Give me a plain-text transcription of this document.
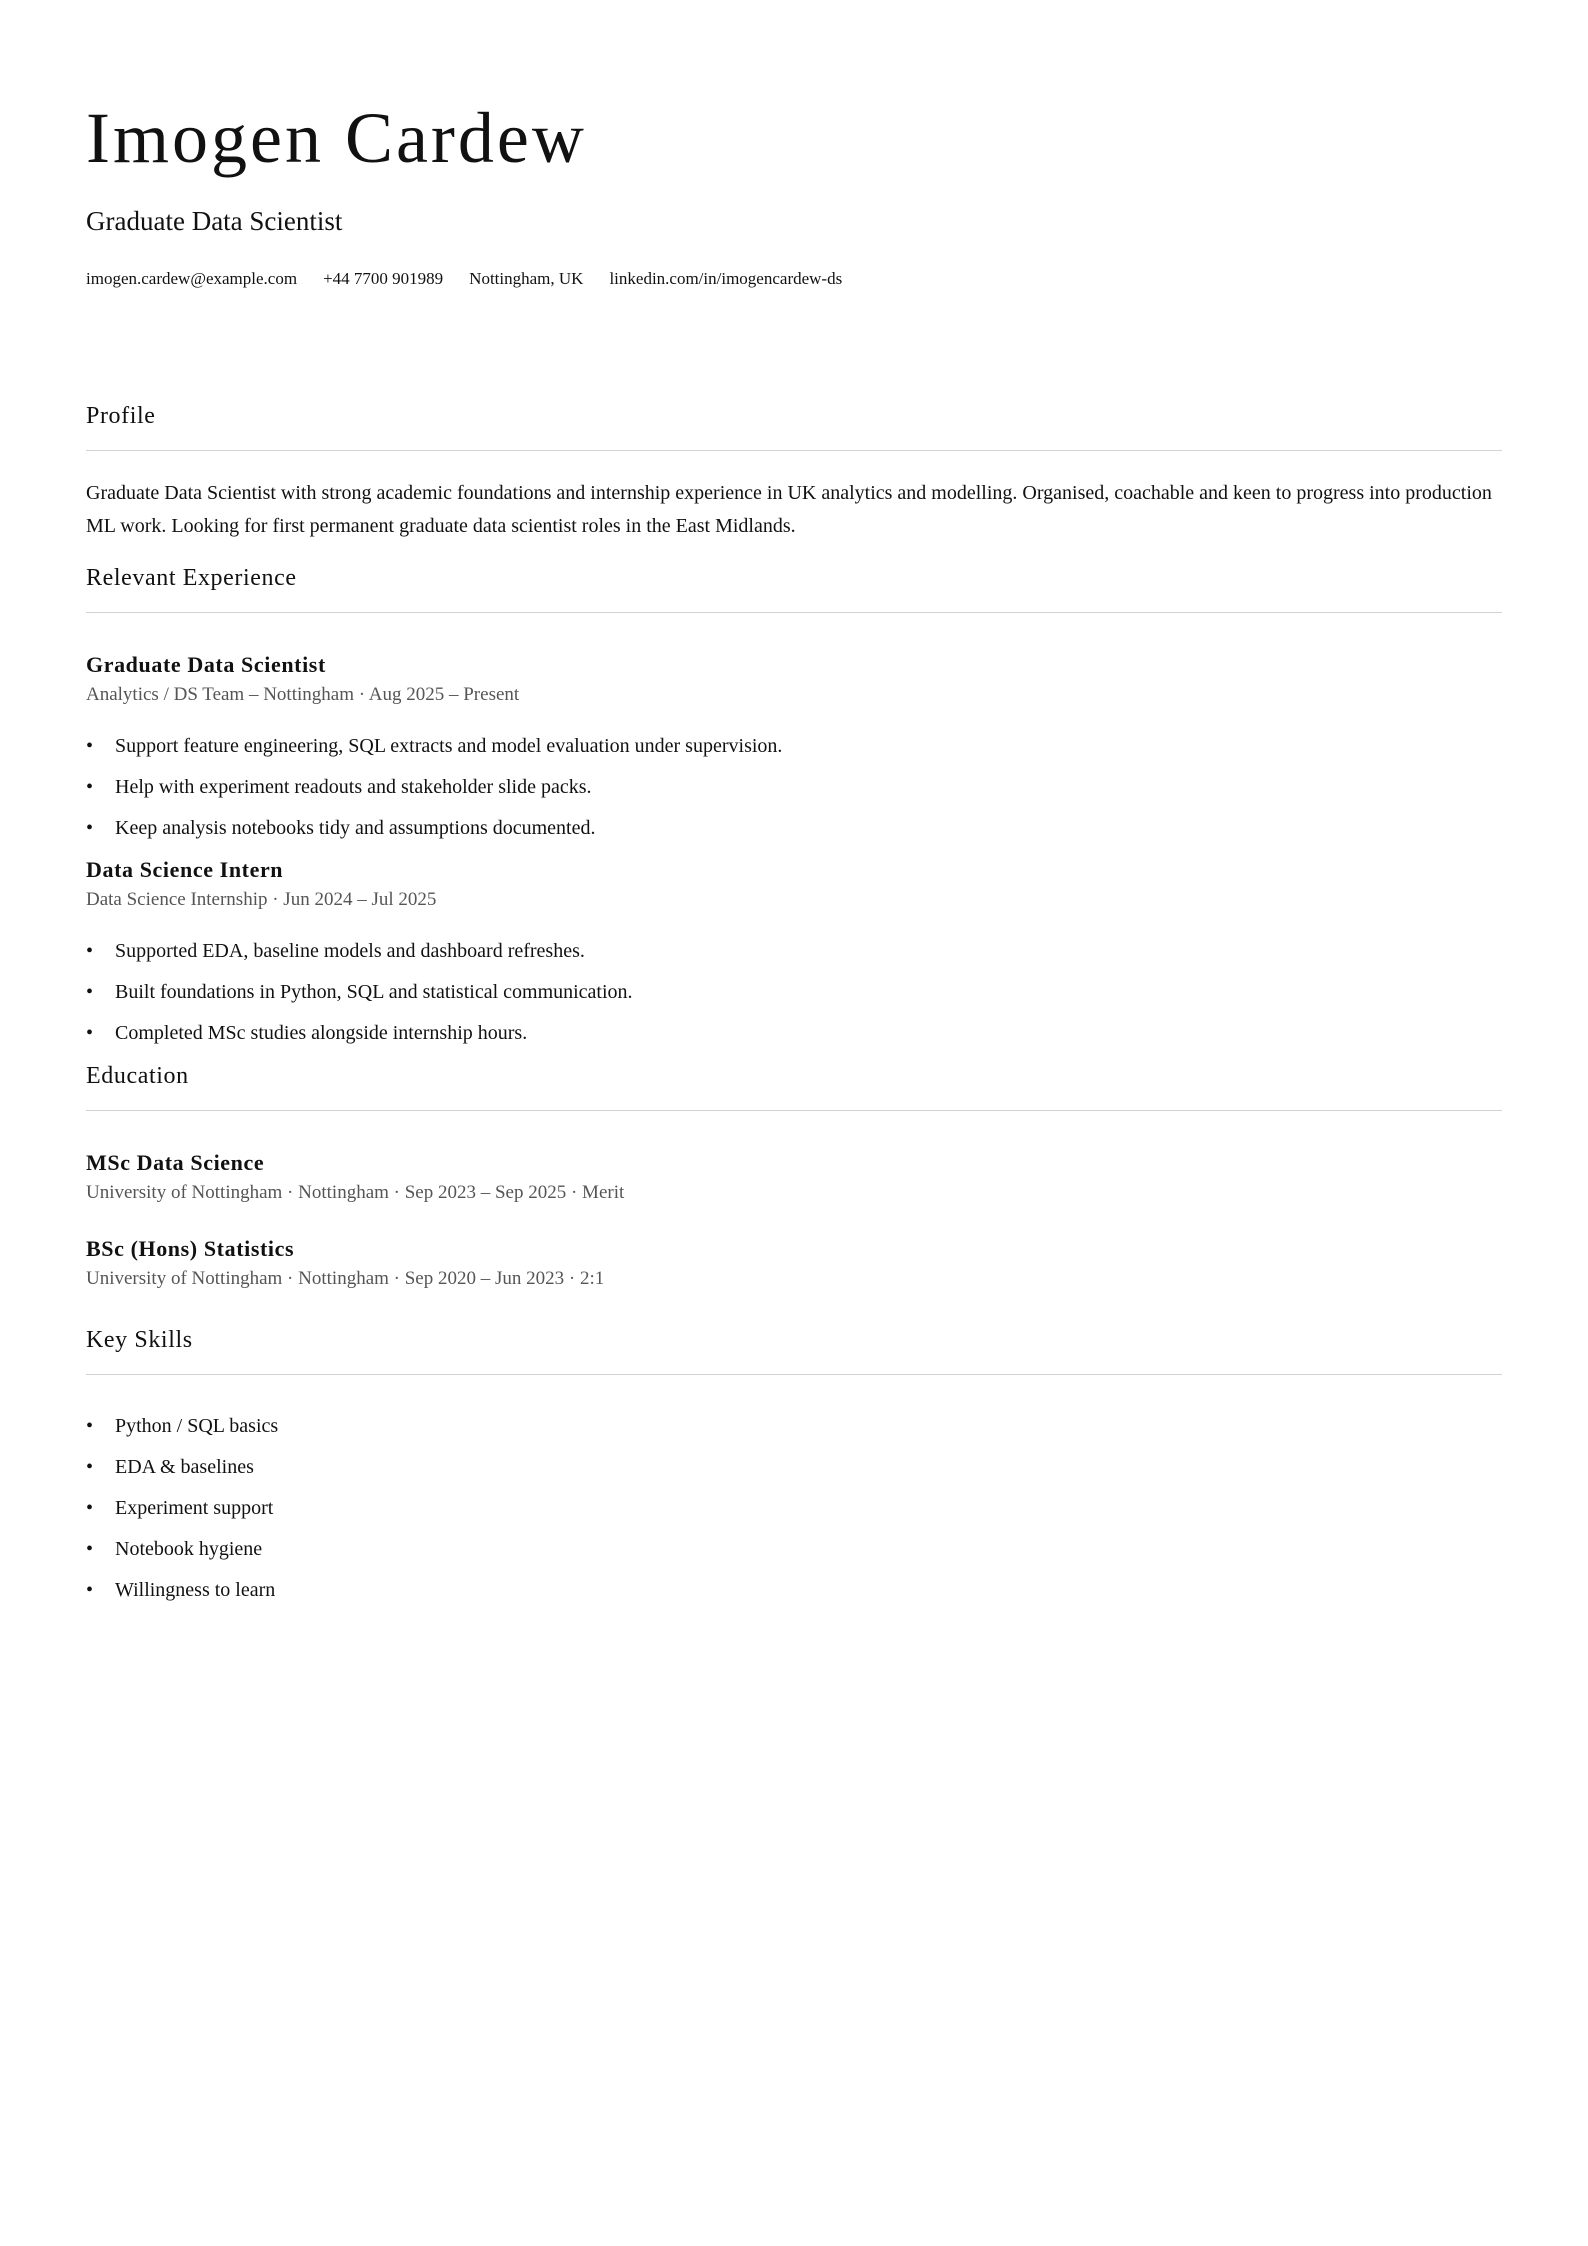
Imogen Cardew
Graduate Data Scientist
imogen.cardew@example.com +44 7700 901989 Nottingham, UK linkedin.com/in/imogencardew-ds
Profile

Graduate Data Scientist with strong academic foundations and internship experience in UK analytics and modelling. Organised, coachable and keen to progress into production ML work. Looking for first permanent graduate data scientist roles in the East Midlands.

Relevant Experience
Graduate Data Scientist
Analytics / DS Team – Nottingham · Aug 2025 – Present
• Support feature engineering, SQL extracts and model evaluation under supervision.
• Help with experiment readouts and stakeholder slide packs.
• Keep analysis notebooks tidy and assumptions documented.
Data Science Intern
Data Science Internship · Jun 2024 – Jul 2025
• Supported EDA, baseline models and dashboard refreshes.
• Built foundations in Python, SQL and statistical communication.
• Completed MSc studies alongside internship hours.
Education
MSc Data Science
University of Nottingham · Nottingham · Sep 2023 – Sep 2025 · Merit
BSc (Hons) Statistics
University of Nottingham · Nottingham · Sep 2020 – Jun 2023 · 2:1
Key Skills
• Python / SQL basics
• EDA & baselines
• Experiment support
• Notebook hygiene
• Willingness to learn
